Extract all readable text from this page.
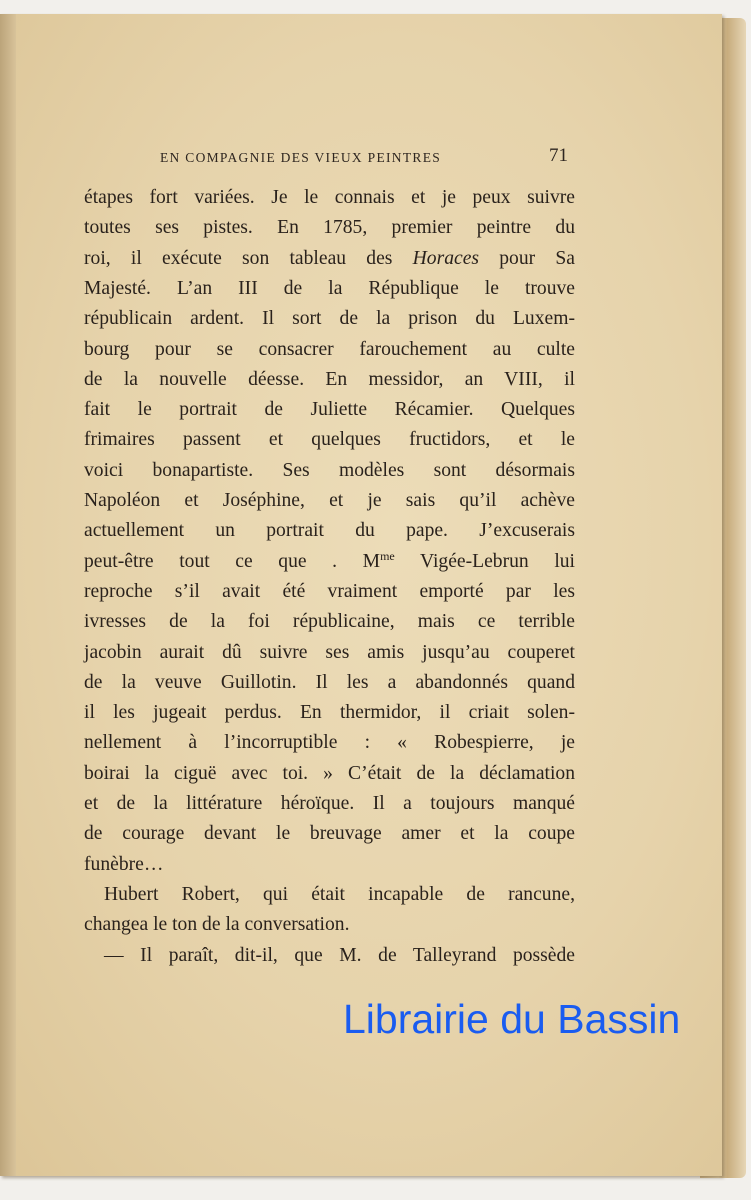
EN COMPAGNIE DES VIEUX PEINTRES	71
étapes fort variées. Je le connais et je peux suivre
toutes ses pistes. En 1785, premier peintre du
roi, il exécute son tableau des Horaces pour Sa
Majesté. L’an III de la République le trouve
républicain ardent. Il sort de la prison du Luxem-
bourg pour se consacrer farouchement au culte
de la nouvelle déesse. En messidor, an VIII, il
fait le portrait de Juliette Récamier. Quelques
frimaires passent et quelques fructidors, et le
voici bonapartiste. Ses modèles sont désormais
Napoléon et Joséphine, et je sais qu’il achève
actuellement un portrait du pape. J’excuserais
peut-être tout ce que . $M^{me}$ Vigée-Lebrun lui
reproche s’il avait été vraiment emporté par les
ivresses de la foi républicaine, mais ce terrible
jacobin aurait dû suivre ses amis jusqu’au couperet
de la veuve Guillotin. Il les a abandonnés quand
il les jugeait perdus. En thermidor, il criait solen-
nellement à l’incorruptible : « Robespierre, je
boirai la ciguë avec toi. » C’était de la déclamation
et de la littérature héroïque. Il a toujours manqué
de courage devant le breuvage amer et la coupe
funèbre…
Hubert Robert, qui était incapable de rancune,
changea le ton de la conversation.
— Il paraît, dit-il, que M. de Talleyrand possède
Librairie du Bassin
